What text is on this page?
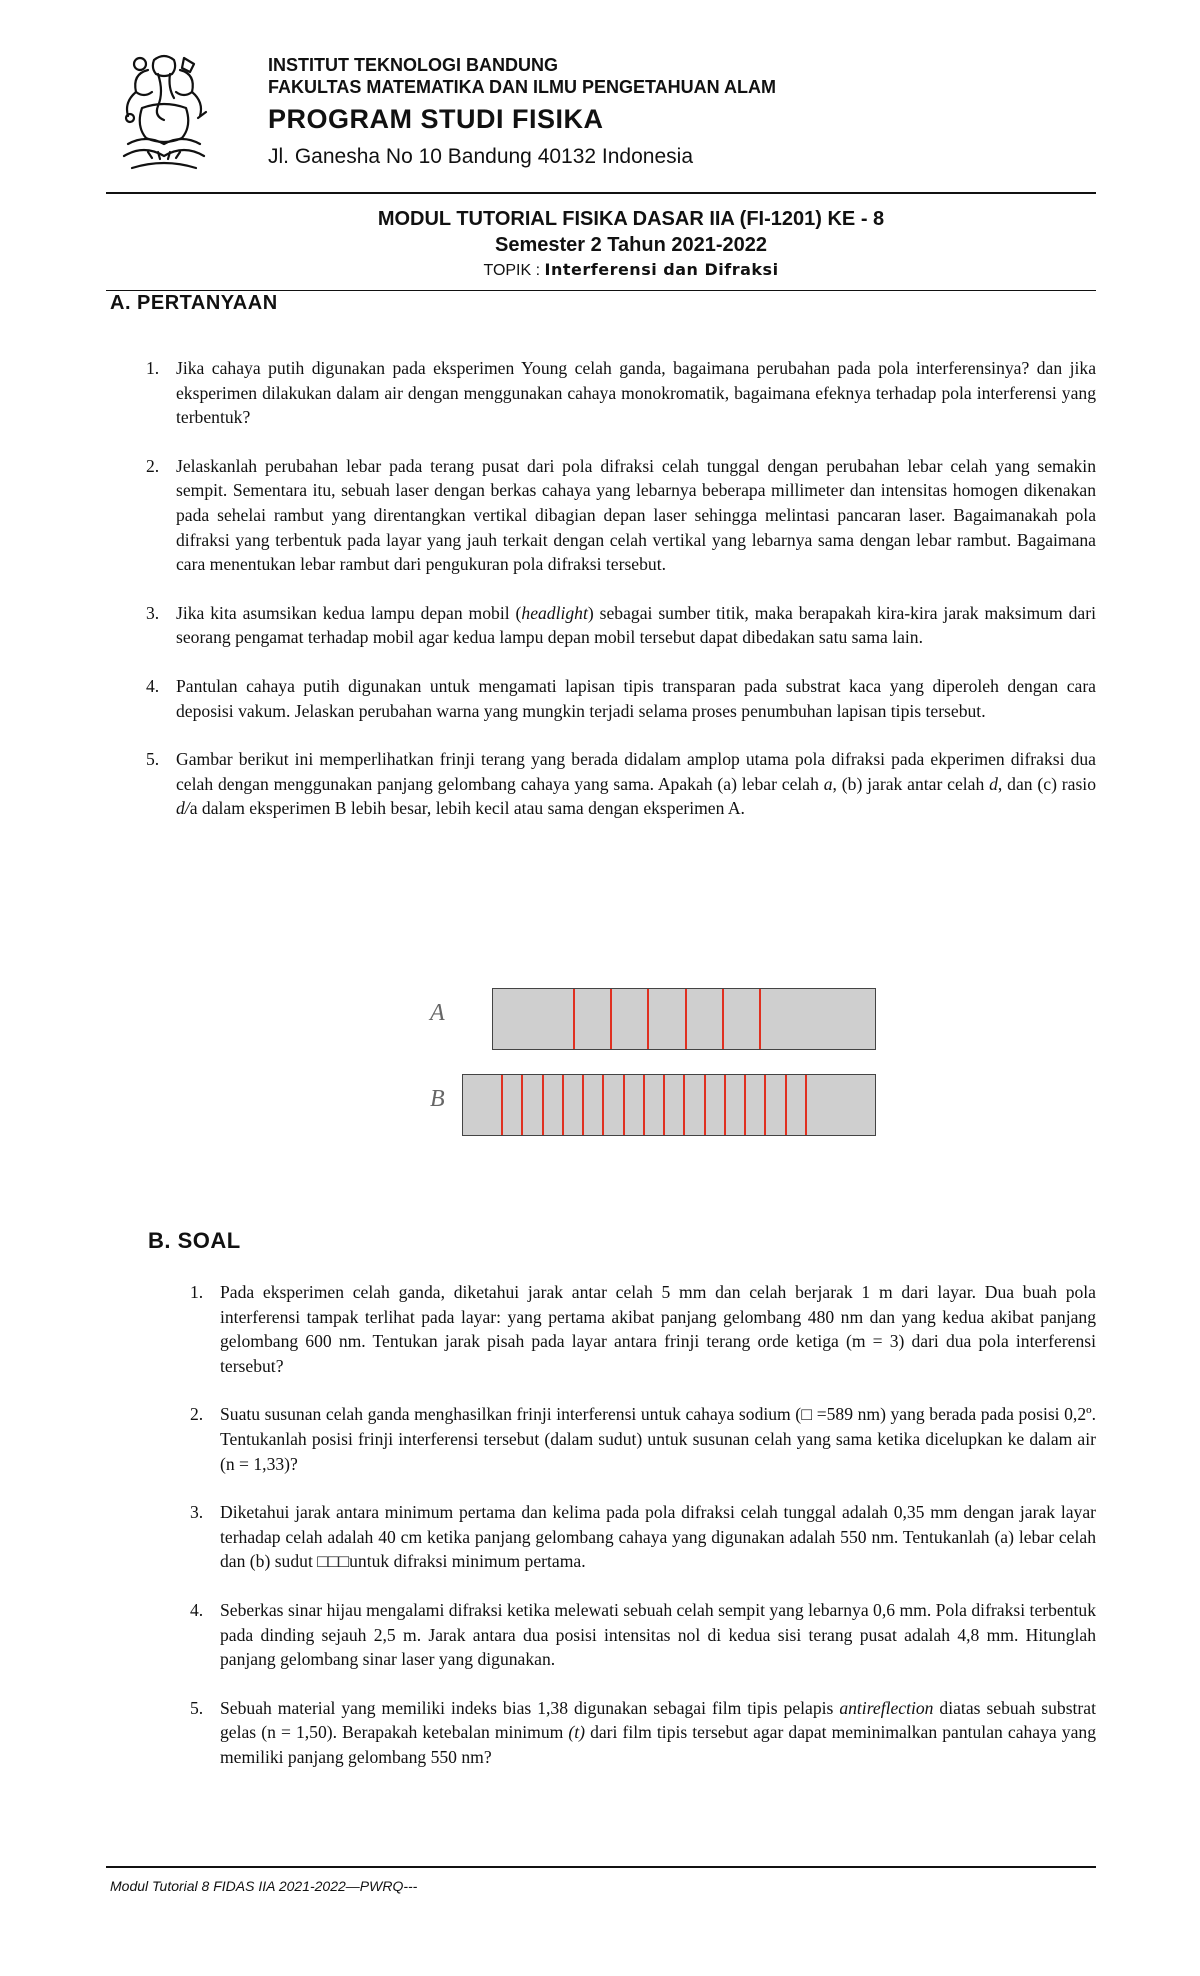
INSTITUT TEKNOLOGI BANDUNG
FAKULTAS MATEMATIKA DAN ILMU PENGETAHUAN ALAM
PROGRAM STUDI FISIKA
Jl. Ganesha No 10 Bandung 40132 Indonesia
MODUL TUTORIAL FISIKA DASAR IIA (FI-1201) KE - 8
Semester 2 Tahun 2021-2022
TOPIK : Interferensi dan Difraksi
A. PERTANYAAN
1. Jika cahaya putih digunakan pada eksperimen Young celah ganda, bagaimana perubahan pada pola interferensinya? dan jika eksperimen dilakukan dalam air dengan menggunakan cahaya monokromatik, bagaimana efeknya terhadap pola interferensi yang terbentuk?
2. Jelaskanlah perubahan lebar pada terang pusat dari pola difraksi celah tunggal dengan perubahan lebar celah yang semakin sempit. Sementara itu, sebuah laser dengan berkas cahaya yang lebarnya beberapa millimeter dan intensitas homogen dikenakan pada sehelai rambut yang direntangkan vertikal dibagian depan laser sehingga melintasi pancaran laser. Bagaimanakah pola difraksi yang terbentuk pada layar yang jauh terkait dengan celah vertikal yang lebarnya sama dengan lebar rambut. Bagaimana cara menentukan lebar rambut dari pengukuran pola difraksi tersebut.
3. Jika kita asumsikan kedua lampu depan mobil (headlight) sebagai sumber titik, maka berapakah kira-kira jarak maksimum dari seorang pengamat terhadap mobil agar kedua lampu depan mobil tersebut dapat dibedakan satu sama lain.
4. Pantulan cahaya putih digunakan untuk mengamati lapisan tipis transparan pada substrat kaca yang diperoleh dengan cara deposisi vakum. Jelaskan perubahan warna yang mungkin terjadi selama proses penumbuhan lapisan tipis tersebut.
5. Gambar berikut ini memperlihatkan frinji terang yang berada didalam amplop utama pola difraksi pada ekperimen difraksi dua celah dengan menggunakan panjang gelombang cahaya yang sama. Apakah (a) lebar celah a, (b) jarak antar celah d, dan (c) rasio d/a dalam eksperimen B lebih besar, lebih kecil atau sama dengan eksperimen A.
A
B
B. SOAL
1. Pada eksperimen celah ganda, diketahui jarak antar celah 5 mm dan celah berjarak 1 m dari layar. Dua buah pola interferensi tampak terlihat pada layar: yang pertama akibat panjang gelombang 480 nm dan yang kedua akibat panjang gelombang 600 nm. Tentukan jarak pisah pada layar antara frinji terang orde ketiga (m = 3) dari dua pola interferensi tersebut?
2. Suatu susunan celah ganda menghasilkan frinji interferensi untuk cahaya sodium (□ =589 nm) yang berada pada posisi 0,2º. Tentukanlah posisi frinji interferensi tersebut (dalam sudut) untuk susunan celah yang sama ketika dicelupkan ke dalam air (n = 1,33)?
3. Diketahui jarak antara minimum pertama dan kelima pada pola difraksi celah tunggal adalah 0,35 mm dengan jarak layar terhadap celah adalah 40 cm ketika panjang gelombang cahaya yang digunakan adalah 550 nm. Tentukanlah (a) lebar celah dan (b) sudut □□□untuk difraksi minimum pertama.
4. Seberkas sinar hijau mengalami difraksi ketika melewati sebuah celah sempit yang lebarnya 0,6 mm. Pola difraksi terbentuk pada dinding sejauh 2,5 m. Jarak antara dua posisi intensitas nol di kedua sisi terang pusat adalah 4,8 mm. Hitunglah panjang gelombang sinar laser yang digunakan.
5. Sebuah material yang memiliki indeks bias 1,38 digunakan sebagai film tipis pelapis antireflection diatas sebuah substrat gelas (n = 1,50). Berapakah ketebalan minimum (t) dari film tipis tersebut agar dapat meminimalkan pantulan cahaya yang memiliki panjang gelombang 550 nm?
Modul Tutorial 8 FIDAS IIA 2021-2022—PWRQ---
